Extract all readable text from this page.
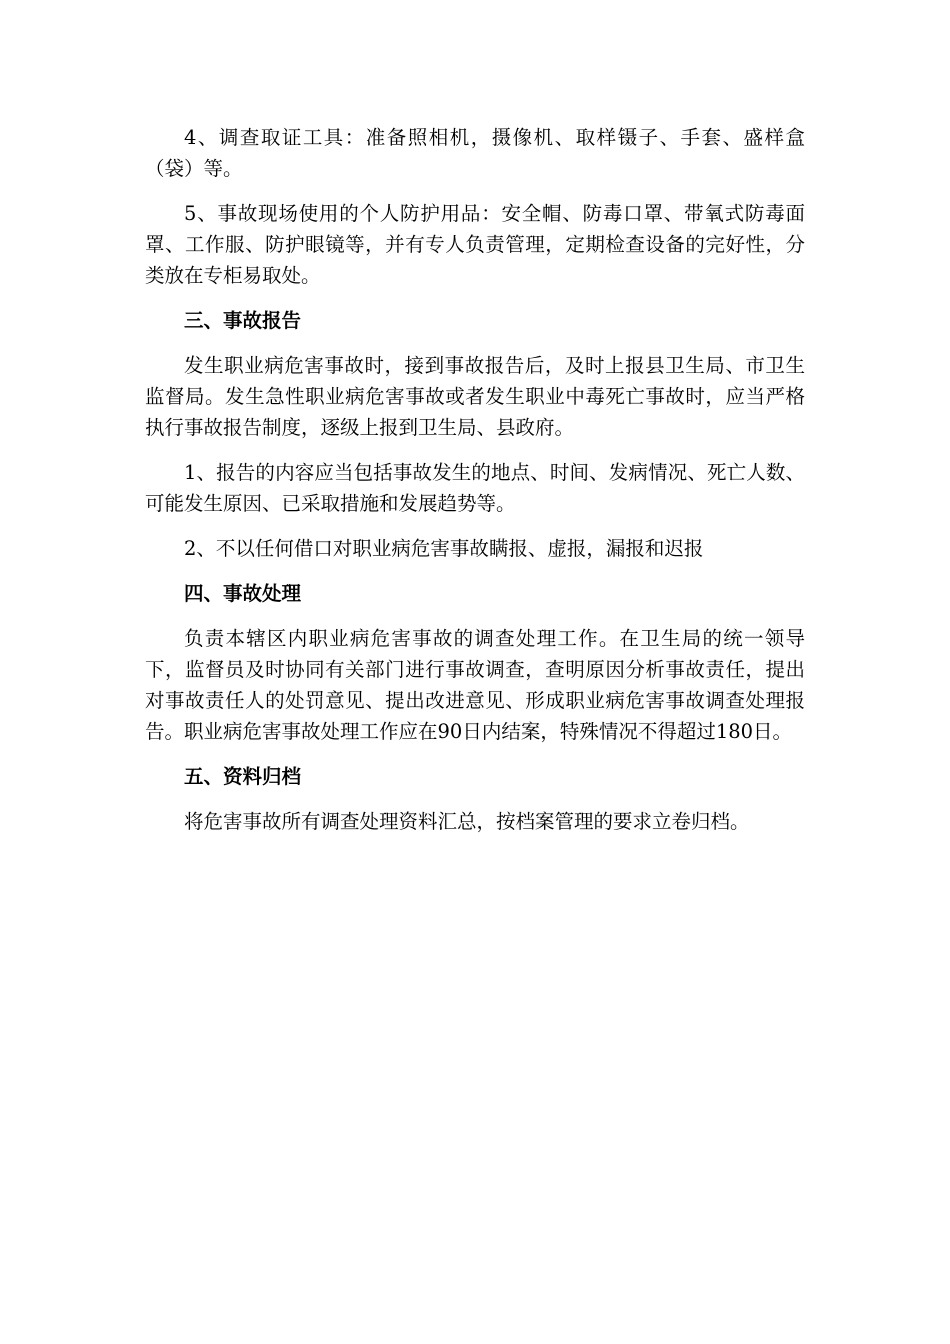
4、调查取证工具：准备照相机，摄像机、取样镊子、手套、盛样盒（袋）等。

5、事故现场使用的个人防护用品：安全帽、防毒口罩、带氧式防毒面罩、工作服、防护眼镜等，并有专人负责管理，定期检查设备的完好性，分类放在专柜易取处。

三、事故报告

发生职业病危害事故时，接到事故报告后，及时上报县卫生局、市卫生监督局。发生急性职业病危害事故或者发生职业中毒死亡事故时，应当严格执行事故报告制度，逐级上报到卫生局、县政府。

1、报告的内容应当包括事故发生的地点、时间、发病情况、死亡人数、可能发生原因、已采取措施和发展趋势等。

2、不以任何借口对职业病危害事故瞒报、虚报，漏报和迟报

四、事故处理

负责本辖区内职业病危害事故的调查处理工作。在卫生局的统一领导下，监督员及时协同有关部门进行事故调查，查明原因分析事故责任，提出对事故责任人的处罚意见、提出改进意见、形成职业病危害事故调查处理报告。职业病危害事故处理工作应在90日内结案，特殊情况不得超过180日。

五、资料归档

将危害事故所有调查处理资料汇总，按档案管理的要求立卷归档。
